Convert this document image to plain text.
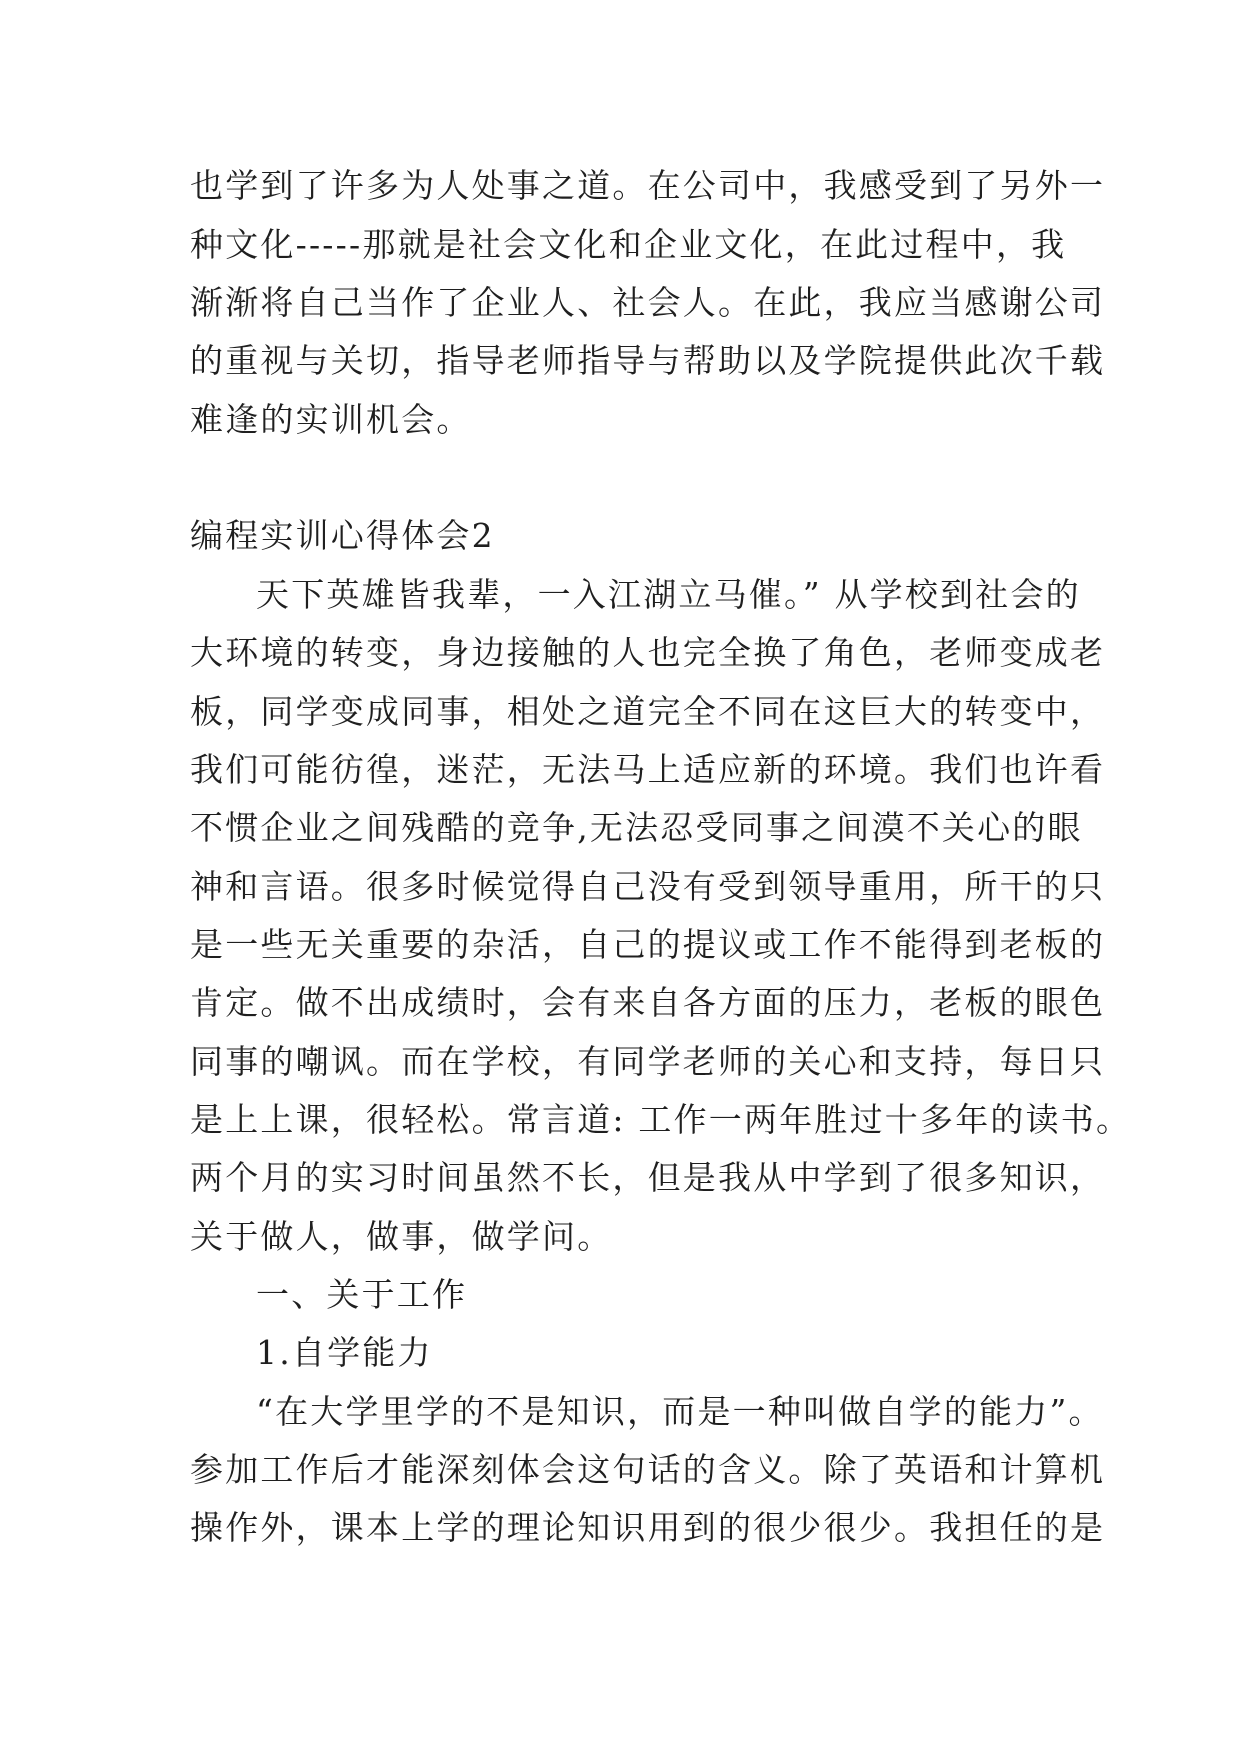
也学到了许多为人处事之道。在公司中，我感受到了另外一
种文化-----那就是社会文化和企业文化，在此过程中，我
渐渐将自己当作了企业人、社会人。在此，我应当感谢公司
的重视与关切，指导老师指导与帮助以及学院提供此次千载
难逢的实训机会。
编程实训心得体会2
天下英雄皆我辈，一入江湖立马催。” 从学校到社会的
大环境的转变，身边接触的人也完全换了角色，老师变成老
板，同学变成同事，相处之道完全不同在这巨大的转变中，
我们可能彷徨，迷茫，无法马上适应新的环境。我们也许看
不惯企业之间残酷的竞争,无法忍受同事之间漠不关心的眼
神和言语。很多时候觉得自己没有受到领导重用，所干的只
是一些无关重要的杂活，自己的提议或工作不能得到老板的
肯定。做不出成绩时，会有来自各方面的压力，老板的眼色
同事的嘲讽。而在学校，有同学老师的关心和支持，每日只
是上上课，很轻松。常言道: 工作一两年胜过十多年的读书。
两个月的实习时间虽然不长，但是我从中学到了很多知识，
关于做人，做事，做学问。
一、关于工作
1.自学能力
“在大学里学的不是知识，而是一种叫做自学的能力”。
参加工作后才能深刻体会这句话的含义。除了英语和计算机
操作外，课本上学的理论知识用到的很少很少。我担任的是
